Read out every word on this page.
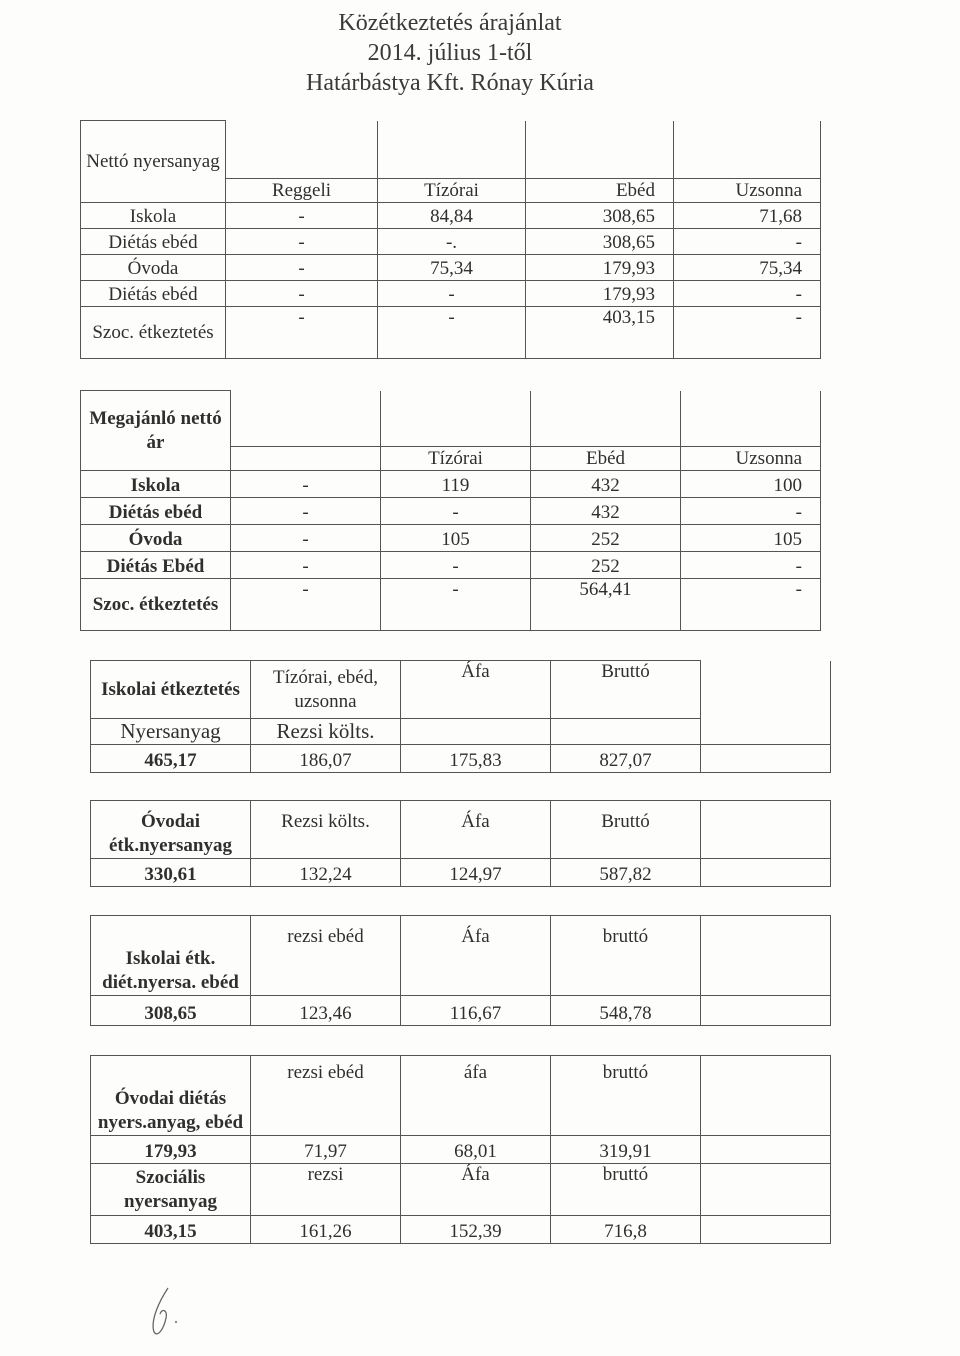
Közétkeztetés árajánlat
2014. július 1-től
Határbástya Kft. Rónay Kúria
Nettó nyersanyag				
	Reggeli	Tízórai	Ebéd	Uzsonna
Iskola	-	84,84	308,65	71,68
Diétás ebéd	-	-.	308,65	-
Óvoda	-	75,34	179,93	75,34
Diétás ebéd	-	-	179,93	-
Szoc. étkeztetés	-	-	403,15	-
Megajánló nettó ár				
		Tízórai	Ebéd	Uzsonna
Iskola	-	119	432	100
Diétás ebéd	-	-	432	-
Óvoda	-	105	252	105
Diétás Ebéd	-	-	252	-
Szoc. étkeztetés	-	-	564,41	-
Iskolai étkeztetés	Tízórai, ebéd, uzsonna	Áfa	Bruttó	
Nyersanyag	Rezsi költs.			
465,17	186,07	175,83	827,07	
Óvodai étk.nyersanyag	Rezsi költs.	Áfa	Bruttó	
330,61	132,24	124,97	587,82	
Iskolai étk. diét.nyersa. ebéd	rezsi ebéd	Áfa	bruttó	
308,65	123,46	116,67	548,78	
Óvodai diétás nyers.anyag, ebéd	rezsi ebéd	áfa	bruttó	
179,93	71,97	68,01	319,91	
Szociális nyersanyag	rezsi	Áfa	bruttó	
403,15	161,26	152,39	716,8	
